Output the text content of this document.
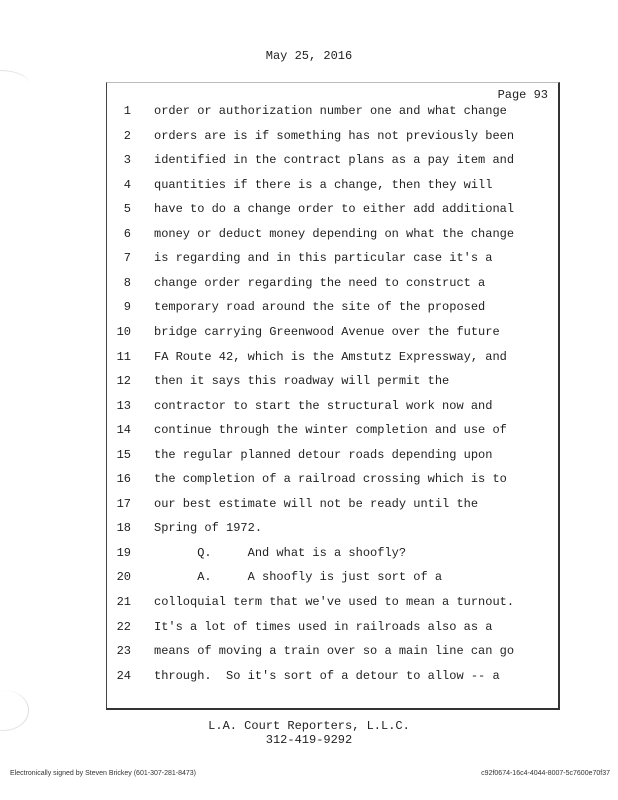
May 25, 2016
Page 93
1 order or authorization number one and what change
2 orders are is if something has not previously been
3 identified in the contract plans as a pay item and
4 quantities if there is a change, then they will
5 have to do a change order to either add additional
6 money or deduct money depending on what the change
7 is regarding and in this particular case it's a
8 change order regarding the need to construct a
9 temporary road around the site of the proposed
10 bridge carrying Greenwood Avenue over the future
11 FA Route 42, which is the Amstutz Expressway, and
12 then it says this roadway will permit the
13 contractor to start the structural work now and
14 continue through the winter completion and use of
15 the regular planned detour roads depending upon
16 the completion of a railroad crossing which is to
17 our best estimate will not be ready until the
18 Spring of 1972.
19 Q.     And what is a shoofly?
20 A.     A shoofly is just sort of a
21 colloquial term that we've used to mean a turnout.
22 It's a lot of times used in railroads also as a
23 means of moving a train over so a main line can go
24 through.  So it's sort of a detour to allow -- a
L.A. Court Reporters, L.L.C.
312-419-9292
Electronically signed by Steven Brickey (601-307-281-8473)	c92f0674-16c4-4044-8007-5c7600e70f37
